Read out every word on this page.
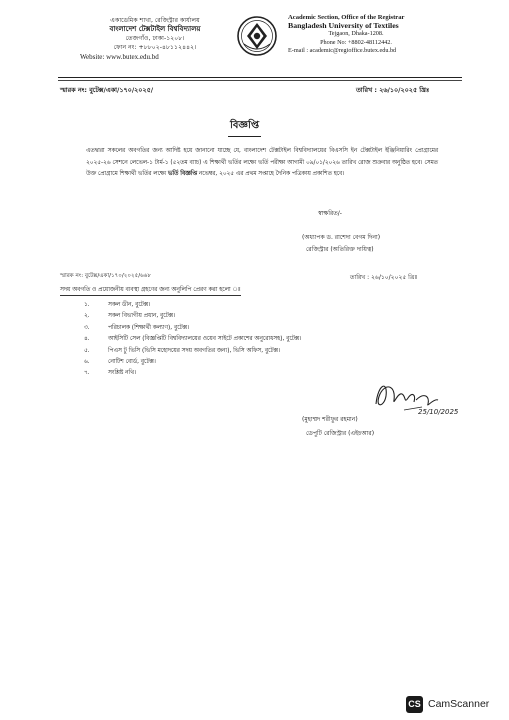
একাডেমিক শাখা, রেজিস্ট্রার কার্যালয়
বাংলাদেশ টেক্সটাইল বিশ্ববিদ্যালয়
তেজগাঁও, ঢাকা-১২০৮।
ফোন নং: +৮৮০২-৪৮১১২৪৪২।
Website: www.butex.edu.bd
Academic Section, Office of the Registrar
Bangladesh University of Textiles
Tejgaon, Dhaka-1208.
Phone No: +8802-48112442.
E-mail : academic@regioffice.butex.edu.bd
স্মারক নং: বুটেক্স/একা/১৭০/২০২৫/	তারিখ : ২৬/১০/২০২৫ খ্রিঃ
বিজ্ঞপ্তি
এতদ্বারা সকলের অবগতির জন্য আদিষ্ট হয়ে জানানো যাচ্ছে যে, বাংলাদেশ টেক্সটাইল বিশ্ববিদ্যালয়ের বিএসসি ইন টেক্সটাইল ইঞ্জিনিয়ারিং প্রোগ্রামের ২০২৫-২৬ সেশনে লেভেল-১ টার্ম-১ (৫২তম ব্যাচ) এ শিক্ষার্থী ভর্তির লক্ষ্যে ভর্তি পরীক্ষা আগামী ০৯/০১/২০২৬ তারিখ রোজ শুক্রবার অনুষ্ঠিত হবে। সেমত উক্ত প্রোগ্রামে শিক্ষার্থী ভর্তির লক্ষ্যে ভর্তি বিজ্ঞপ্তি নভেম্বর, ২০২৫ এর প্রথম সপ্তাহে দৈনিক পত্রিকায় প্রকাশিত হবে।
স্বাক্ষরিত/-
(অধ্যাপক ড. রাশেদা বেগম দিনা)
রেজিস্ট্রার (অতিরিক্ত দায়িত্ব)
স্মারক নং: বুটেক্স/একা/১৭০/২০২৫/৬৬৮	তারিখ : ২৬/১০/২০২৫ খ্রিঃ
সদয় অবগতি ও প্রয়োজনীয় ব্যবস্থা গ্রহণের জন্য অনুলিপি প্রেরণ করা হলো ঃ
১.	সকল ডীন, বুটেক্স।
২.	সকল বিভাগীয় প্রধান, বুটেক্স।
৩.	পরিচালক (শিক্ষার্থী কল্যাণ), বুটেক্স।
৪.	আইসিটি সেল (বিজ্ঞপ্তিটি বিশ্ববিদ্যালয়ের ওয়েব সাইটে প্রকাশের অনুরোধসহ), বুটেক্স।
৫.	পিএস টু ভিসি (ভিসি মহোদয়ের সদয় অবগতির জন্য), ভিসি অফিস, বুটেক্স।
৬.	নোটিশ বোর্ড, বুটেক্স।
৭.	সংশ্লিষ্ট নথি।
25/10/2025
(মুহাম্মদ শরীফুর রহমান)
ডেপুটি রেজিস্ট্রার (এইচআর)
CS CamScanner
